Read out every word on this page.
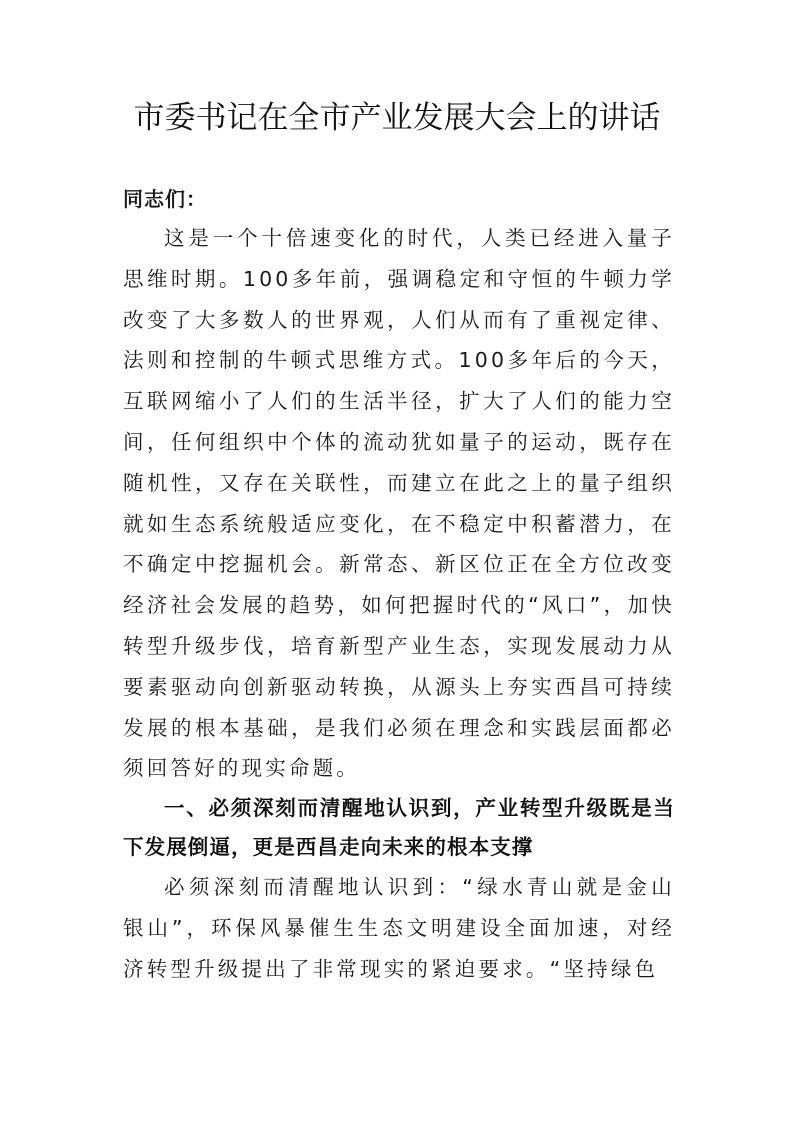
市委书记在全市产业发展大会上的讲话

同志们：

这是一个十倍速变化的时代，人类已经进入量子思维时期。100多年前，强调稳定和守恒的牛顿力学改变了大多数人的世界观，人们从而有了重视定律、法则和控制的牛顿式思维方式。100多年后的今天，互联网缩小了人们的生活半径，扩大了人们的能力空间，任何组织中个体的流动犹如量子的运动，既存在随机性，又存在关联性，而建立在此之上的量子组织就如生态系统般适应变化，在不稳定中积蓄潜力，在不确定中挖掘机会。新常态、新区位正在全方位改变经济社会发展的趋势，如何把握时代的“风口”，加快转型升级步伐，培育新型产业生态，实现发展动力从要素驱动向创新驱动转换，从源头上夯实西昌可持续发展的根本基础，是我们必须在理念和实践层面都必须回答好的现实命题。

一、必须深刻而清醒地认识到，产业转型升级既是当下发展倒逼，更是西昌走向未来的根本支撑

必须深刻而清醒地认识到：“绿水青山就是金山银山”，环保风暴催生生态文明建设全面加速，对经济转型升级提出了非常现实的紧迫要求。“坚持绿色
